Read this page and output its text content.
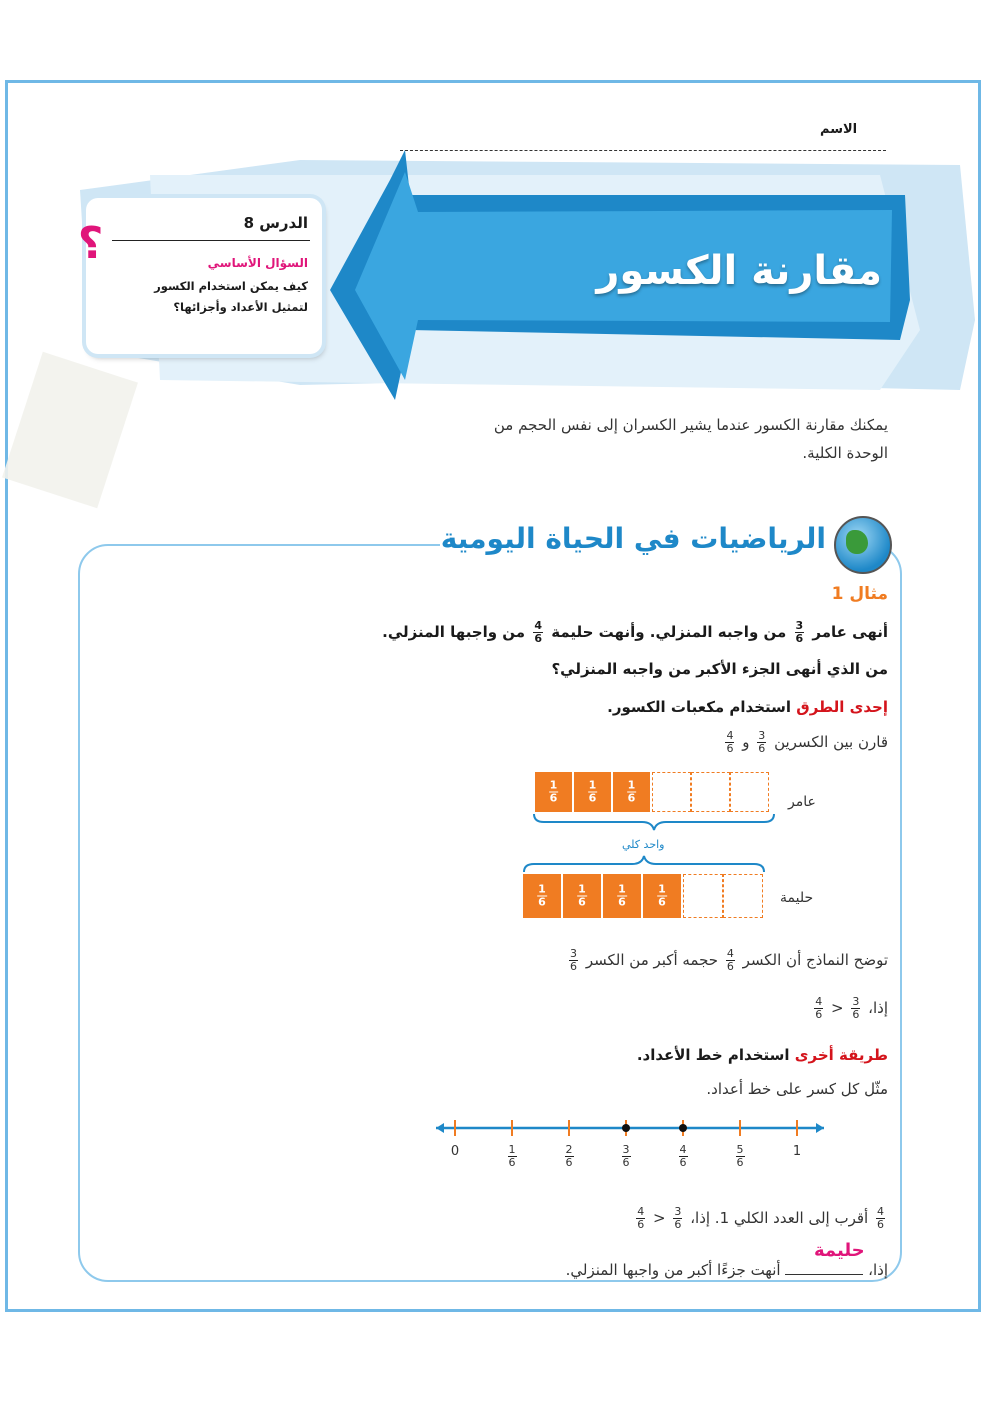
الاسم
مقارنة الكسور
الدرس 8
السؤال الأساسي
كيف يمكن استخدام الكسور لتمثيل الأعداد وأجزائها؟
?
يمكنك مقارنة الكسور عندما يشير الكسران إلى نفس الحجم من الوحدة الكلية.
الرياضيات في الحياة اليومية
مثال 1
أنهى عامر
$\frac{3}{6}$
من واجبه المنزلي. وأنهت حليمة
$\frac{4}{6}$
من واجبها المنزلي.
من الذي أنهى الجزء الأكبر من واجبه المنزلي؟
إحدى الطرق استخدام مكعبات الكسور.
قارن بين الكسرين
$\frac{3}{6}$
و
$\frac{4}{6}$
عامر
$\frac{1}{6}$	$\frac{1}{6}$	$\frac{1}{6}$
واحد كلي
حليمة
$\frac{1}{6}$	$\frac{1}{6}$	$\frac{1}{6}$	$\frac{1}{6}$
توضح النماذج أن الكسر
$\frac{4}{6}$
حجمه أكبر من الكسر
$\frac{3}{6}$
إذا،
$\frac{3}{6}$
<
$\frac{4}{6}$
طريقة أخرى استخدام خط الأعداد.
مثّل كل كسر على خط أعداد.
0	$\frac{1}{6}$	$\frac{2}{6}$	$\frac{3}{6}$	$\frac{4}{6}$	$\frac{5}{6}$	1
$\frac{4}{6}$
أقرب إلى العدد الكلي 1. إذا،
$\frac{3}{6}$
<
$\frac{4}{6}$
إذا،  أنهت جزءًا أكبر من واجبها المنزلي.
حليمة
